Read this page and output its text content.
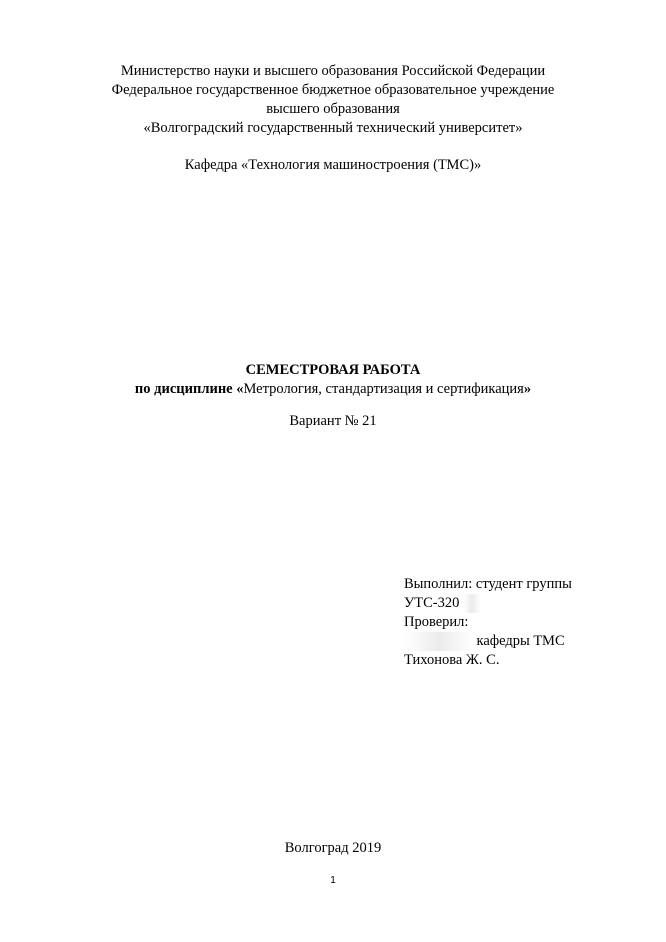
Министерство науки и высшего образования Российской Федерации
Федеральное государственное бюджетное образовательное учреждение
высшего образования
«Волгоградский государственный технический университет»
Кафедра «Технология машиностроения (ТМС)»
СЕМЕСТРОВАЯ РАБОТА
по дисциплине «Метрология, стандартизация и сертификация»
Вариант № 21
Выполнил: студент группы
УТС-320
Проверил:
кафедры ТМС
Тихонова Ж. С.
Волгоград 2019
1
